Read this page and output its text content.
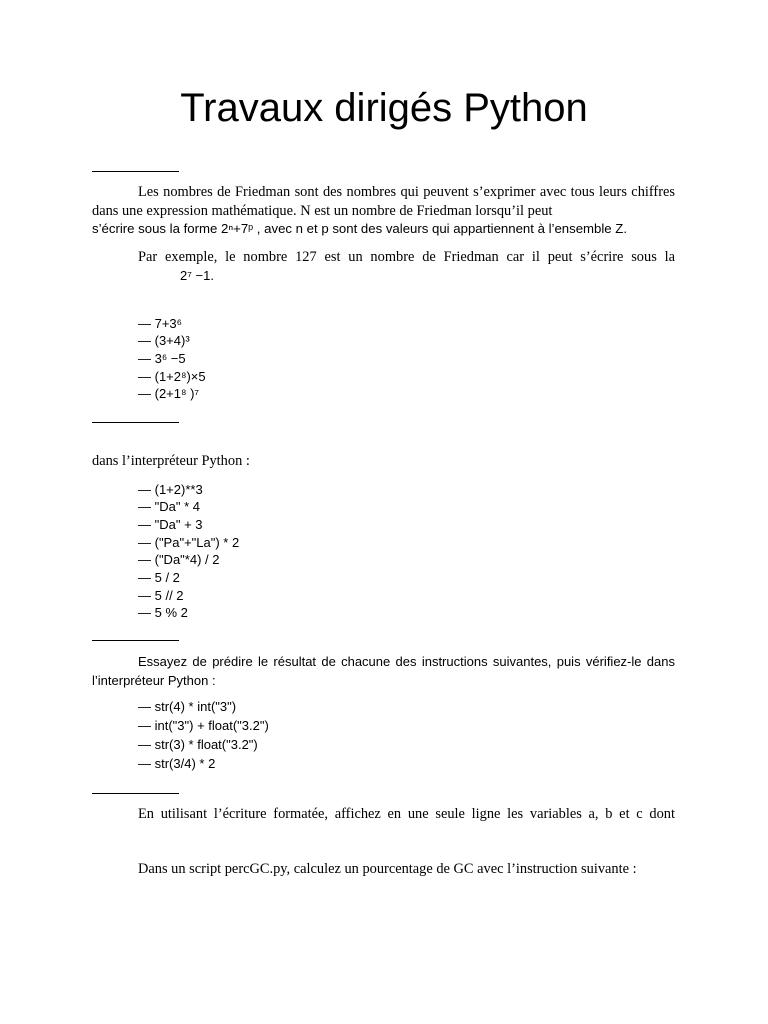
Travaux dirigés Python

Les nombres de Friedman sont des nombres qui peuvent s’exprimer avec tous leurs chiffres dans une expression mathématique. N est un nombre de Friedman lorsqu’il peut

s’écrire sous la forme 2ⁿ+7ᵖ , avec n et p sont des valeurs qui appartiennent à l’ensemble Z.

Par exemple, le nombre 127 est un nombre de Friedman car il peut s’écrire sous la

2⁷ −1.
— 7+3⁶
— (3+4)³
— 3⁶ −5
— (1+2⁸)×5
— (2+1⁸ )⁷
dans l’interpréteur Python :
— (1+2)**3
— "Da" * 4
— "Da" + 3
— ("Pa"+"La") * 2
— ("Da"*4) / 2
— 5 / 2
— 5 // 2
— 5 % 2

Essayez de prédire le résultat de chacune des instructions suivantes, puis vérifiez-le dans l’interpréteur Python :

— str(4) * int("3")
— int("3") + float("3.2")
— str(3) * float("3.2")
— str(3/4) * 2
En utilisant l’écriture formatée, affichez en une seule ligne les variables a, b et c dont
Dans un script percGC.py, calculez un pourcentage de GC avec l’instruction suivante :
